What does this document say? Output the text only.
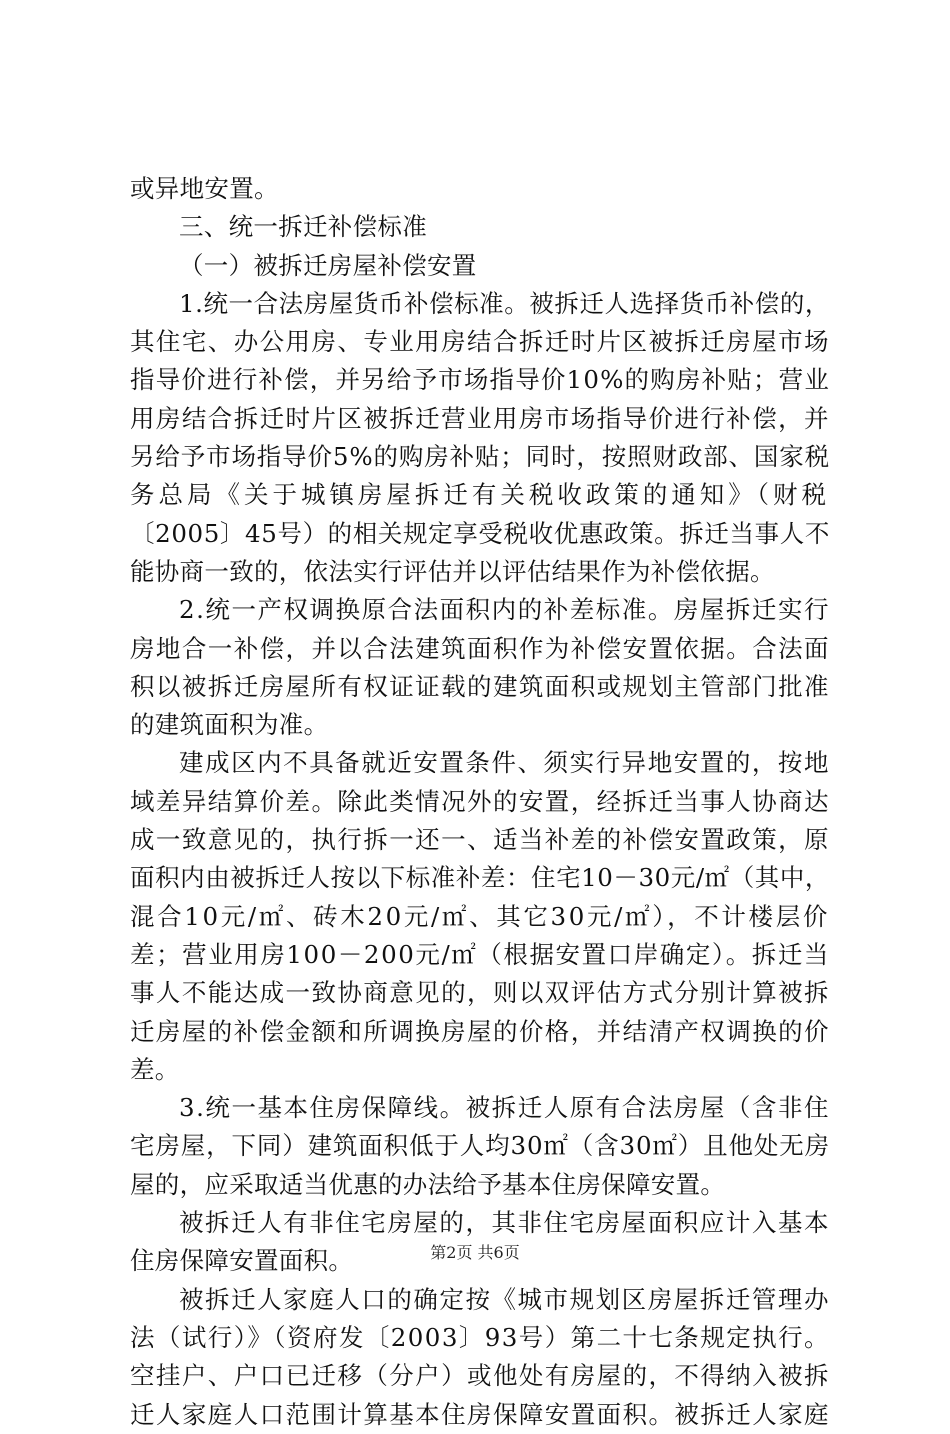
或异地安置。
三、统一拆迁补偿标准
（一）被拆迁房屋补偿安置
1.统一合法房屋货币补偿标准。被拆迁人选择货币补偿的，
其住宅、办公用房、专业用房结合拆迁时片区被拆迁房屋市场
指导价进行补偿，并另给予市场指导价10%的购房补贴；营业
用房结合拆迁时片区被拆迁营业用房市场指导价进行补偿，并
另给予市场指导价5%的购房补贴；同时，按照财政部、国家税
务总局《关于城镇房屋拆迁有关税收政策的通知》（财税
〔2005〕45号）的相关规定享受税收优惠政策。拆迁当事人不
能协商一致的，依法实行评估并以评估结果作为补偿依据。
2.统一产权调换原合法面积内的补差标准。房屋拆迁实行
房地合一补偿，并以合法建筑面积作为补偿安置依据。合法面
积以被拆迁房屋所有权证证载的建筑面积或规划主管部门批准
的建筑面积为准。
建成区内不具备就近安置条件、须实行异地安置的，按地
域差异结算价差。除此类情况外的安置，经拆迁当事人协商达
成一致意见的，执行拆一还一、适当补差的补偿安置政策，原
面积内由被拆迁人按以下标准补差：住宅10－30元/㎡（其中，
混合10元/㎡、砖木20元/㎡、其它30元/㎡），不计楼层价
差；营业用房100－200元/㎡（根据安置口岸确定）。拆迁当
事人不能达成一致协商意见的，则以双评估方式分别计算被拆
迁房屋的补偿金额和所调换房屋的价格，并结清产权调换的价
差。
3.统一基本住房保障线。被拆迁人原有合法房屋（含非住
宅房屋，下同）建筑面积低于人均30㎡（含30㎡）且他处无房
屋的，应采取适当优惠的办法给予基本住房保障安置。
被拆迁人有非住宅房屋的，其非住宅房屋面积应计入基本
住房保障安置面积。
被拆迁人家庭人口的确定按《城市规划区房屋拆迁管理办
法（试行）》（资府发〔2003〕93号）第二十七条规定执行。
空挂户、户口已迁移（分户）或他处有房屋的，不得纳入被拆
迁人家庭人口范围计算基本住房保障安置面积。被拆迁人家庭
第2页 共6页
